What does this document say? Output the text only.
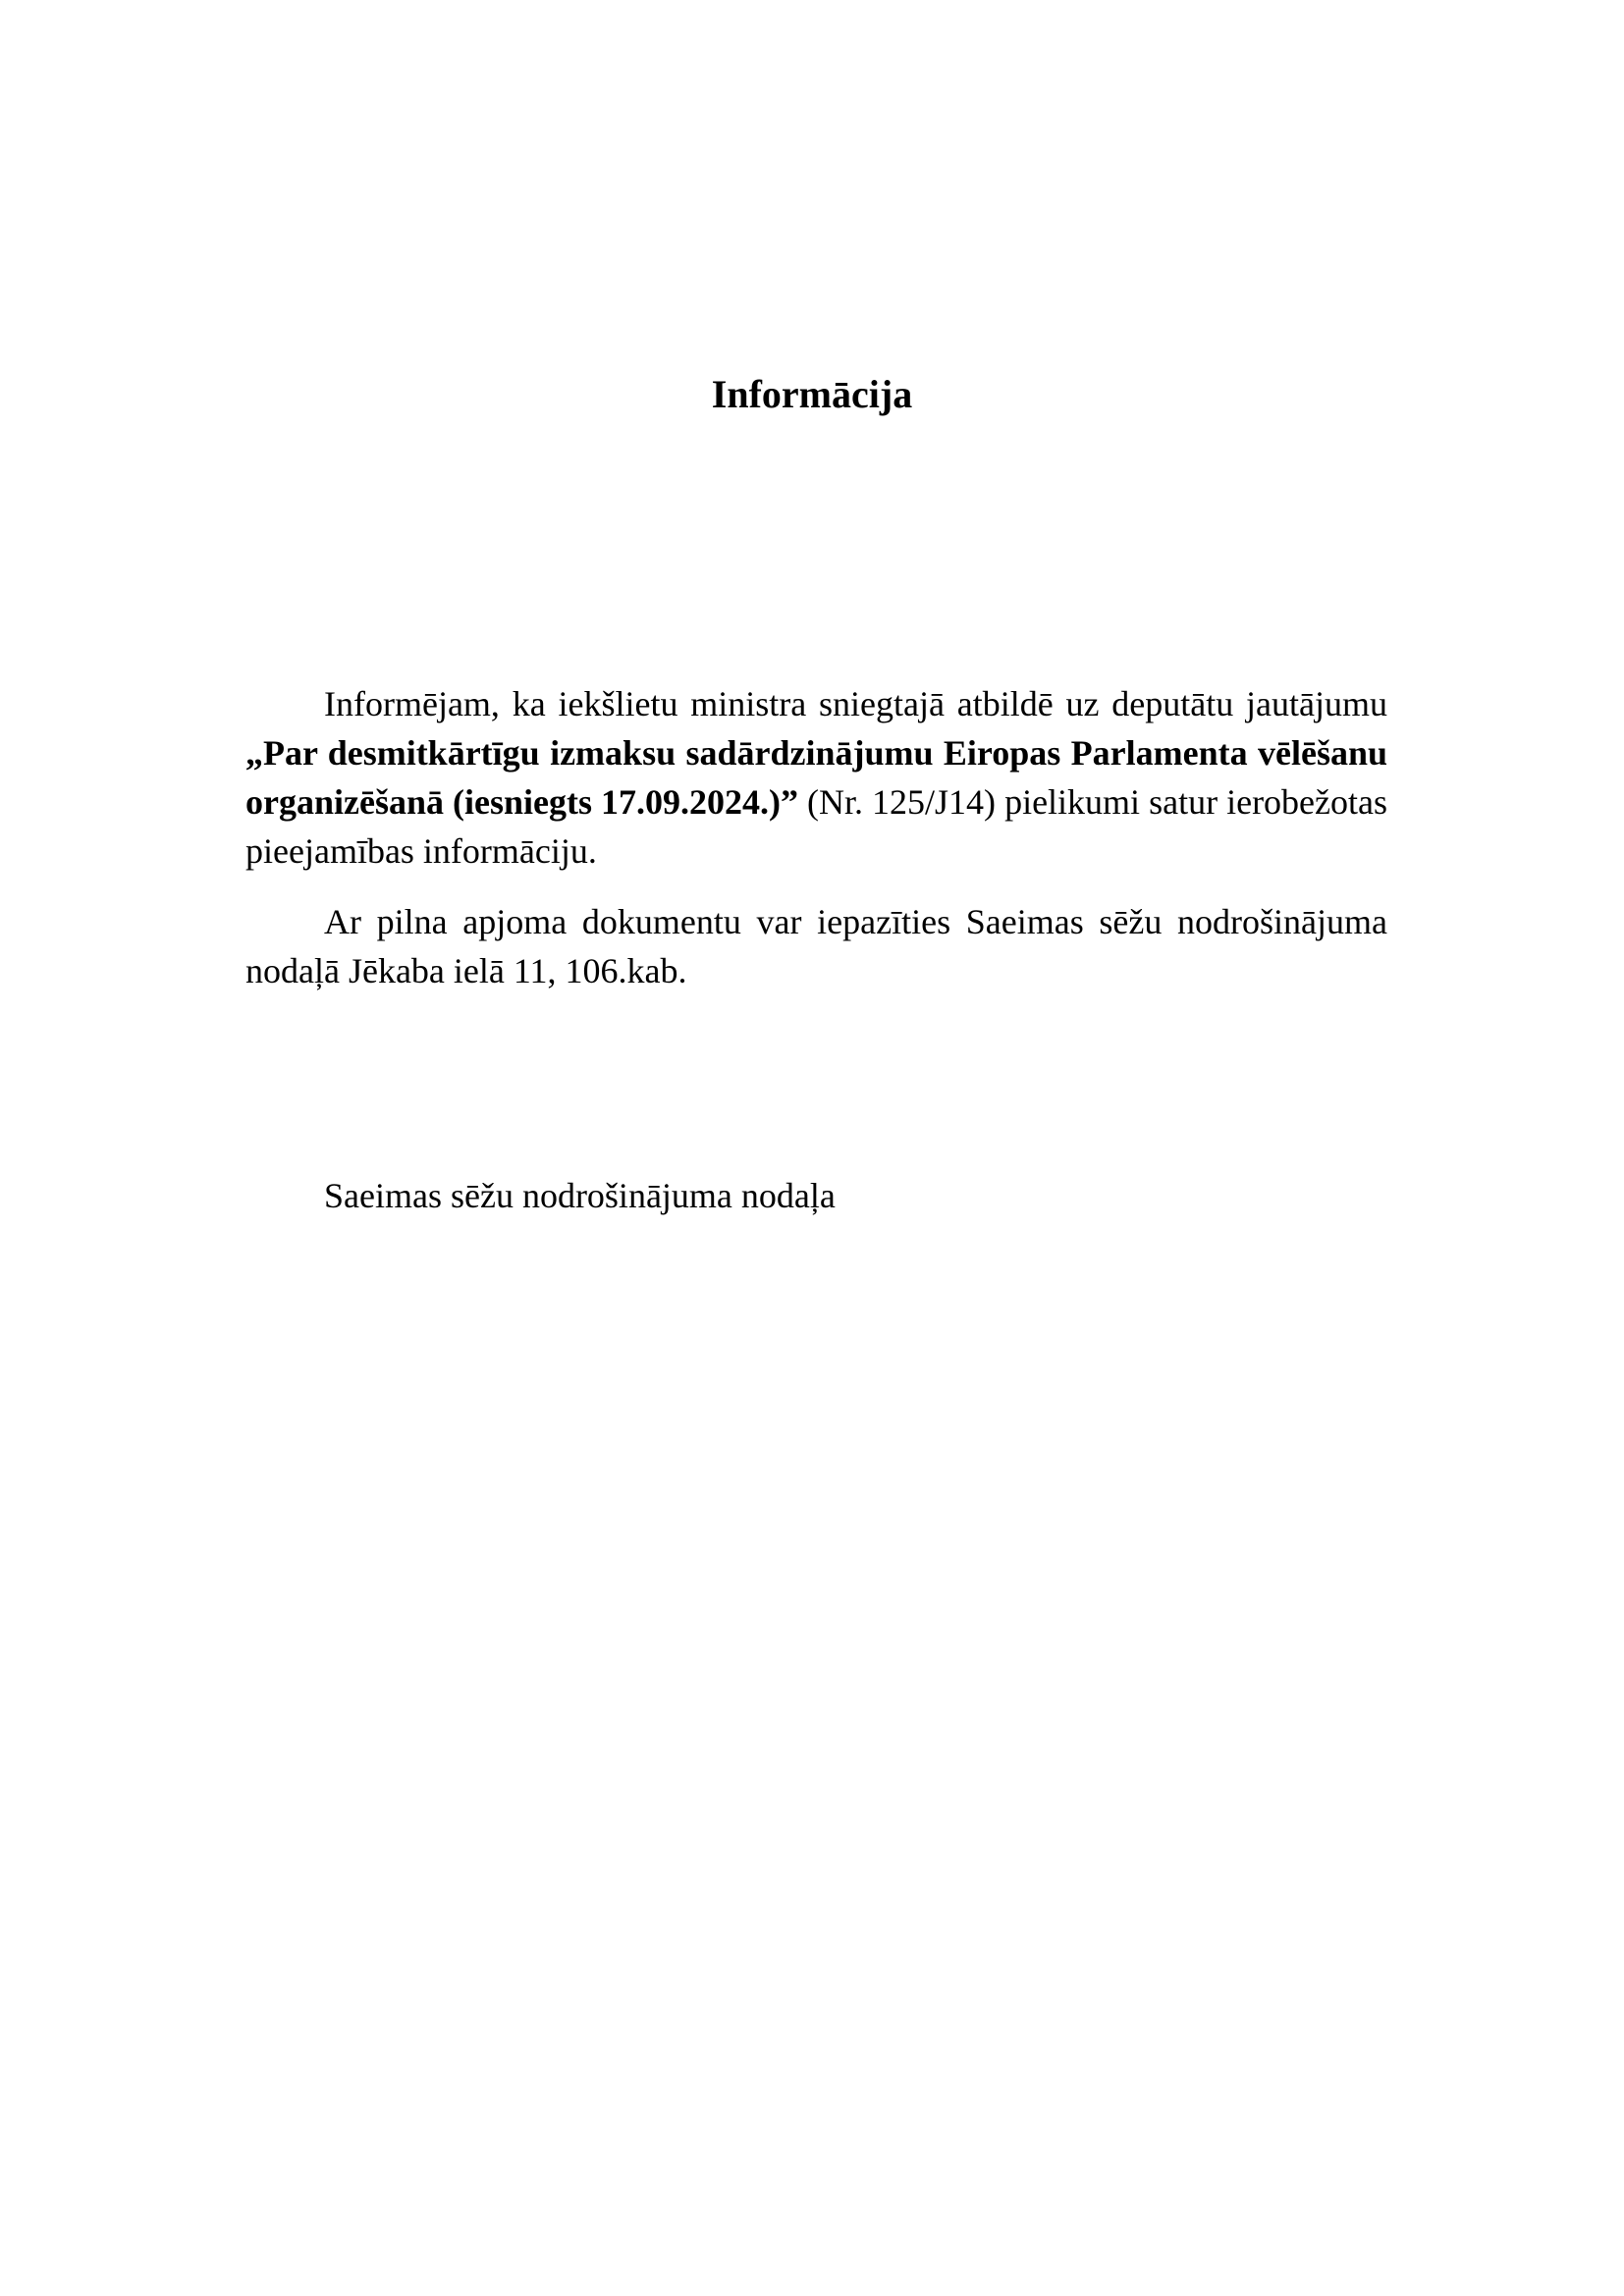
Informācija

Informējam, ka iekšlietu ministra sniegtajā atbildē uz deputātu jautājumu „Par desmitkārtīgu izmaksu sadārdzinājumu Eiropas Parlamenta vēlēšanu organizēšanā (iesniegts 17.09.2024.)” (Nr. 125/J14) pielikumi satur ierobežotas pieejamības informāciju.

Ar pilna apjoma dokumentu var iepazīties Saeimas sēžu nodrošinājuma nodaļā Jēkaba ielā 11, 106.kab.

Saeimas sēžu nodrošinājuma nodaļa
